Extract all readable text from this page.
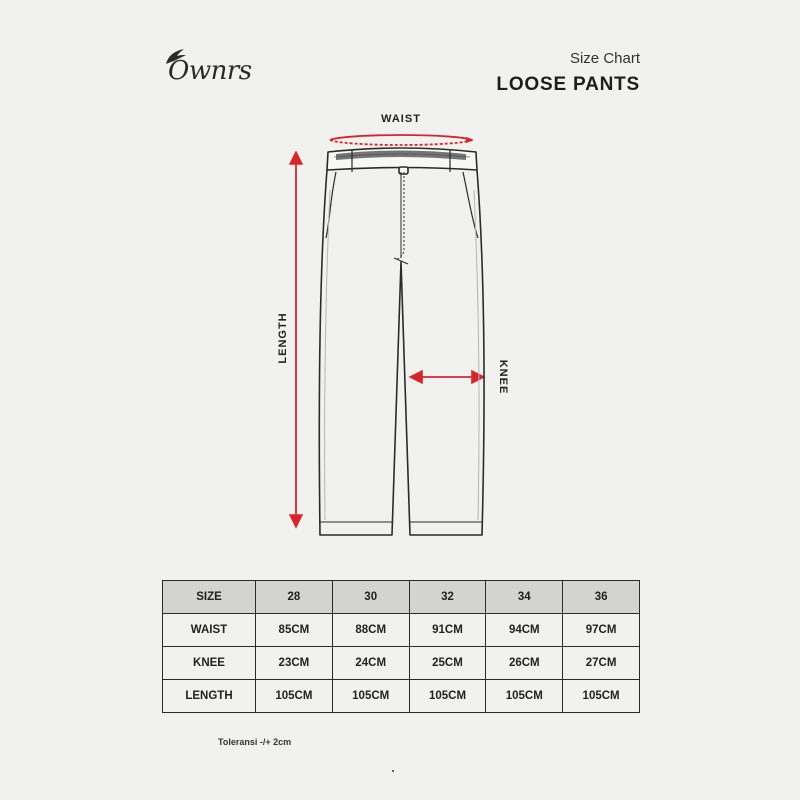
Ownrs	Size Chart
LOOSE PANTS
WAIST
LENGTH
KNEE
SIZE	28	30	32	34	36
WAIST	85CM	88CM	91CM	94CM	97CM
KNEE	23CM	24CM	25CM	26CM	27CM
LENGTH	105CM	105CM	105CM	105CM	105CM
Toleransi -/+ 2cm
